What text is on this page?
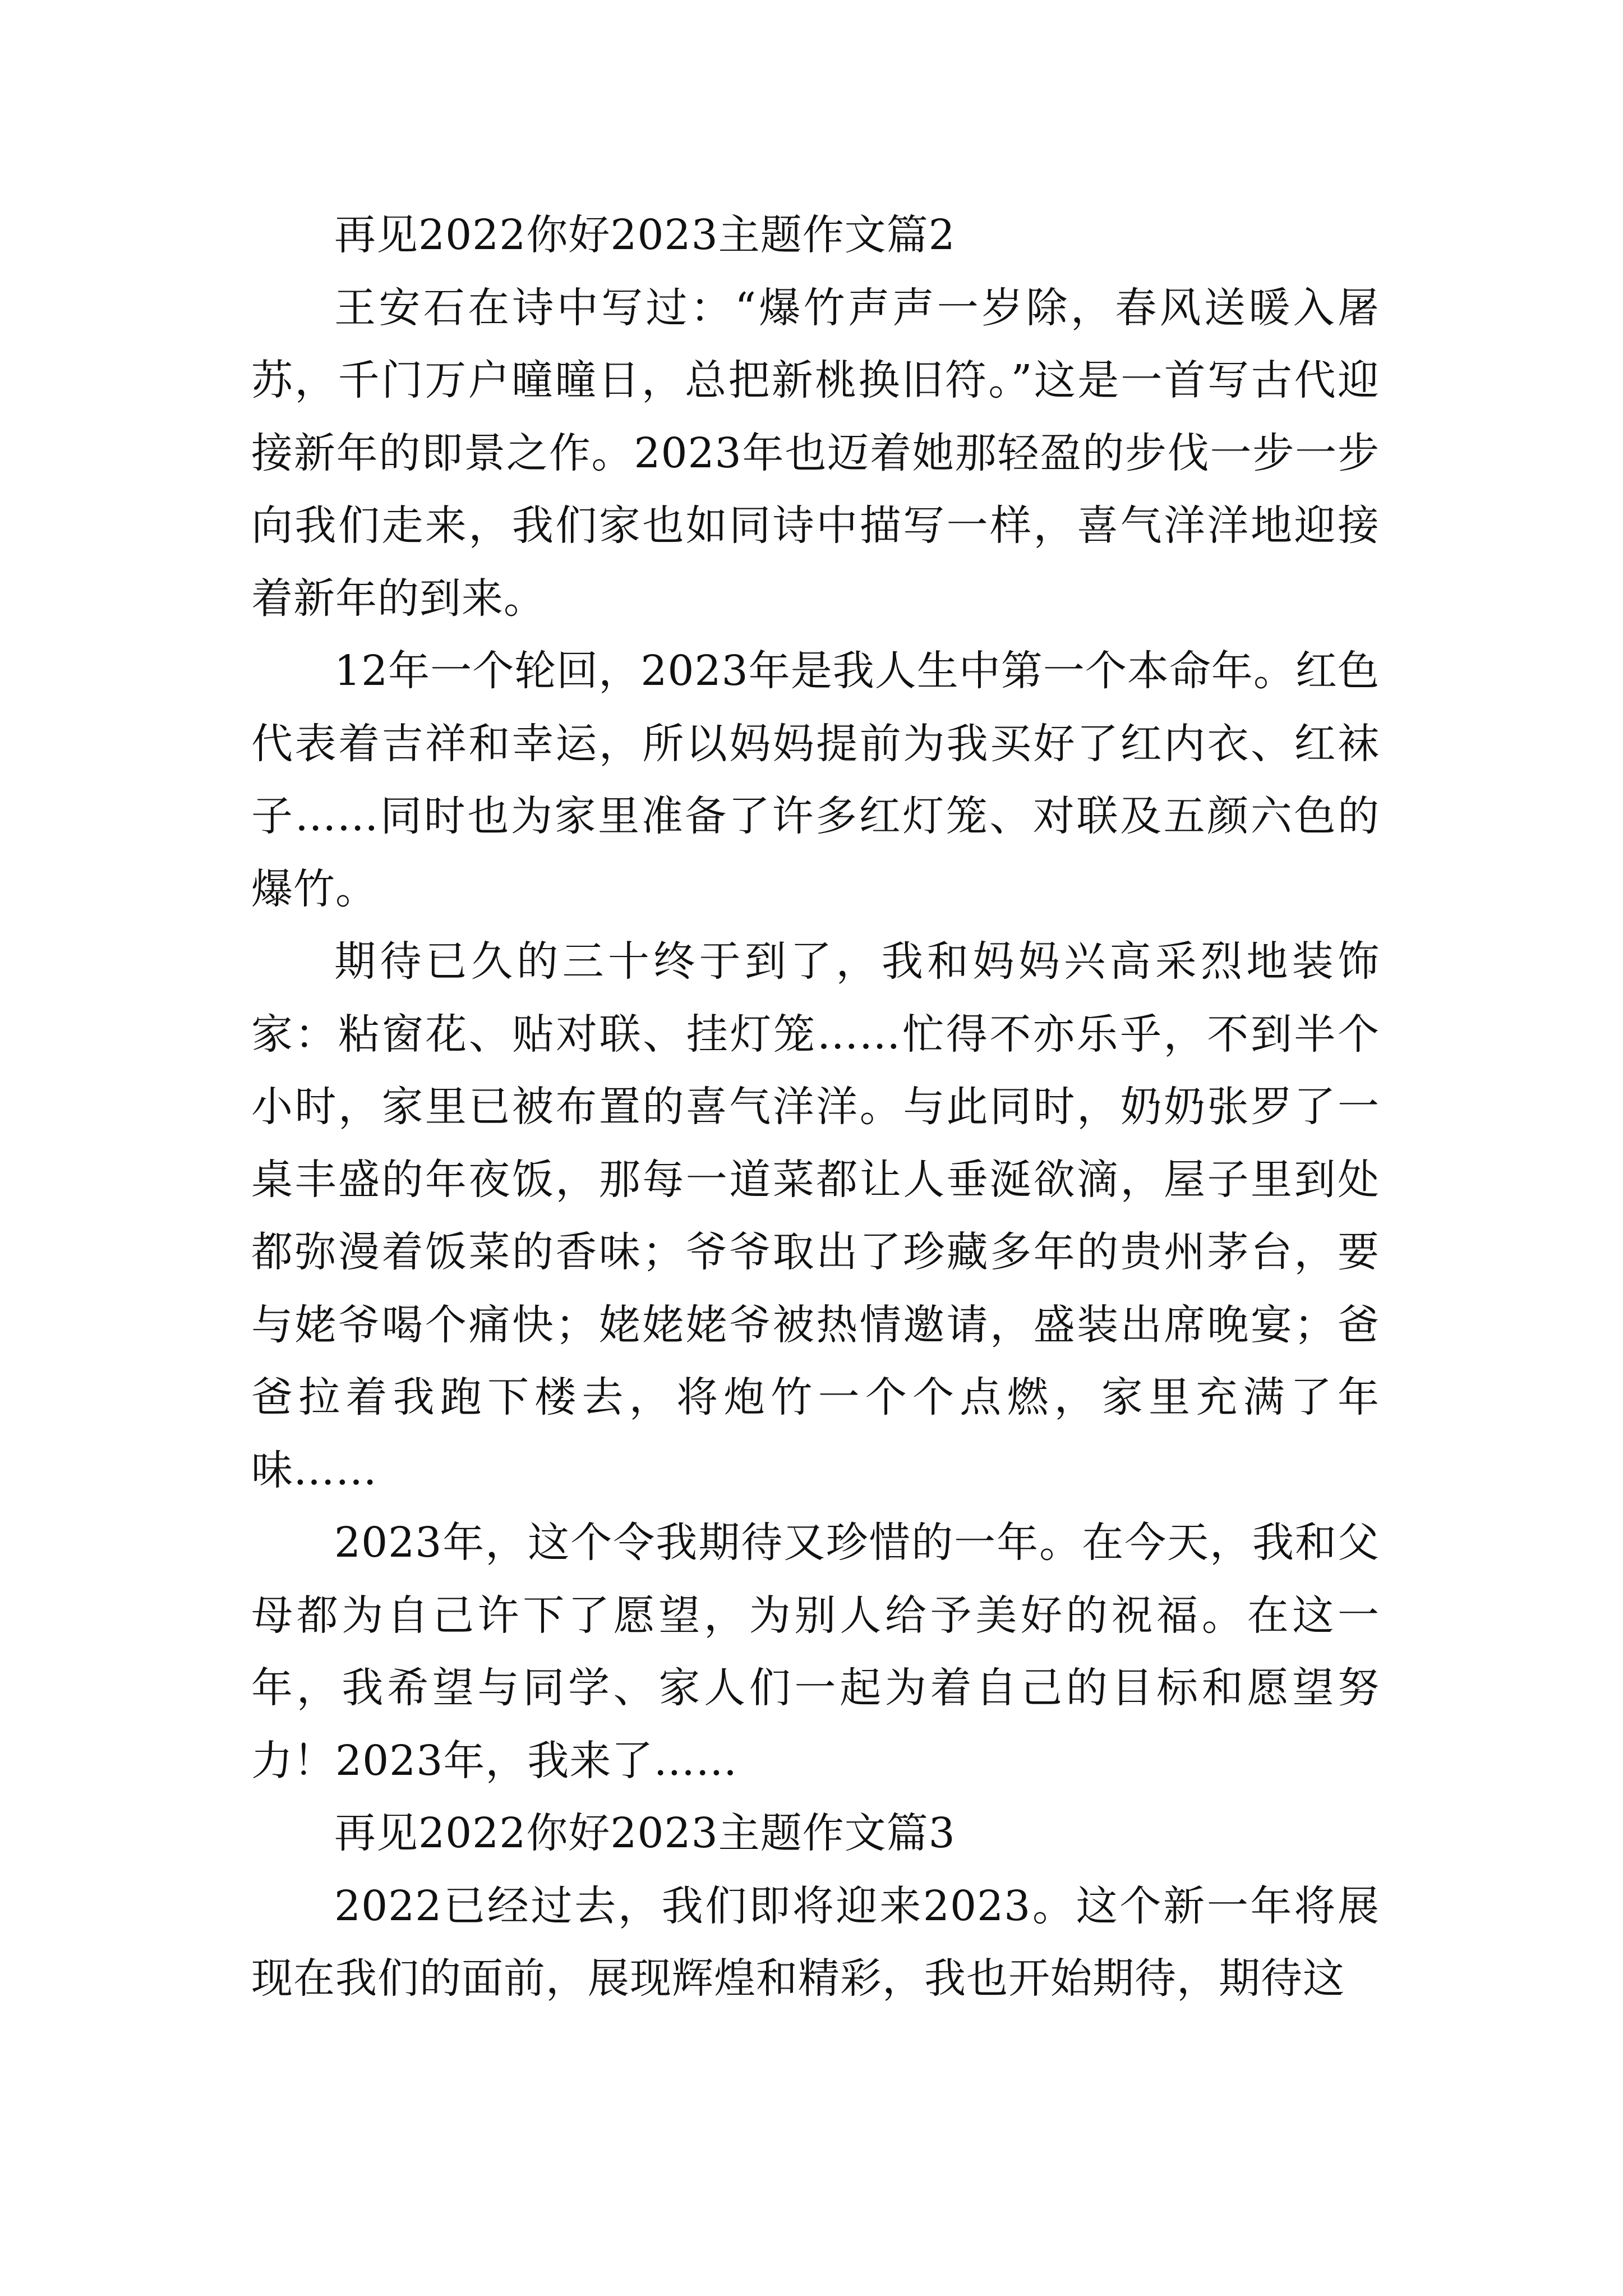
再见2022你好2023主题作文篇2

王安石在诗中写过：“爆竹声声一岁除，春风送暖入屠苏，千门万户曈曈日，总把新桃换旧符。”这是一首写古代迎接新年的即景之作。2023年也迈着她那轻盈的步伐一步一步向我们走来，我们家也如同诗中描写一样，喜气洋洋地迎接着新年的到来。

12年一个轮回，2023年是我人生中第一个本命年。红色代表着吉祥和幸运，所以妈妈提前为我买好了红内衣、红袜子……同时也为家里准备了许多红灯笼、对联及五颜六色的爆竹。

期待已久的三十终于到了，我和妈妈兴高采烈地装饰家：粘窗花、贴对联、挂灯笼……忙得不亦乐乎，不到半个小时，家里已被布置的喜气洋洋。与此同时，奶奶张罗了一桌丰盛的年夜饭，那每一道菜都让人垂涎欲滴，屋子里到处都弥漫着饭菜的香味；爷爷取出了珍藏多年的贵州茅台，要与姥爷喝个痛快；姥姥姥爷被热情邀请，盛装出席晚宴；爸爸拉着我跑下楼去，将炮竹一个个点燃，家里充满了年味……

2023年，这个令我期待又珍惜的一年。在今天，我和父母都为自己许下了愿望，为别人给予美好的祝福。在这一年，我希望与同学、家人们一起为着自己的目标和愿望努力！2023年，我来了……

再见2022你好2023主题作文篇3

2022已经过去，我们即将迎来2023。这个新一年将展现在我们的面前，展现辉煌和精彩，我也开始期待，期待这
